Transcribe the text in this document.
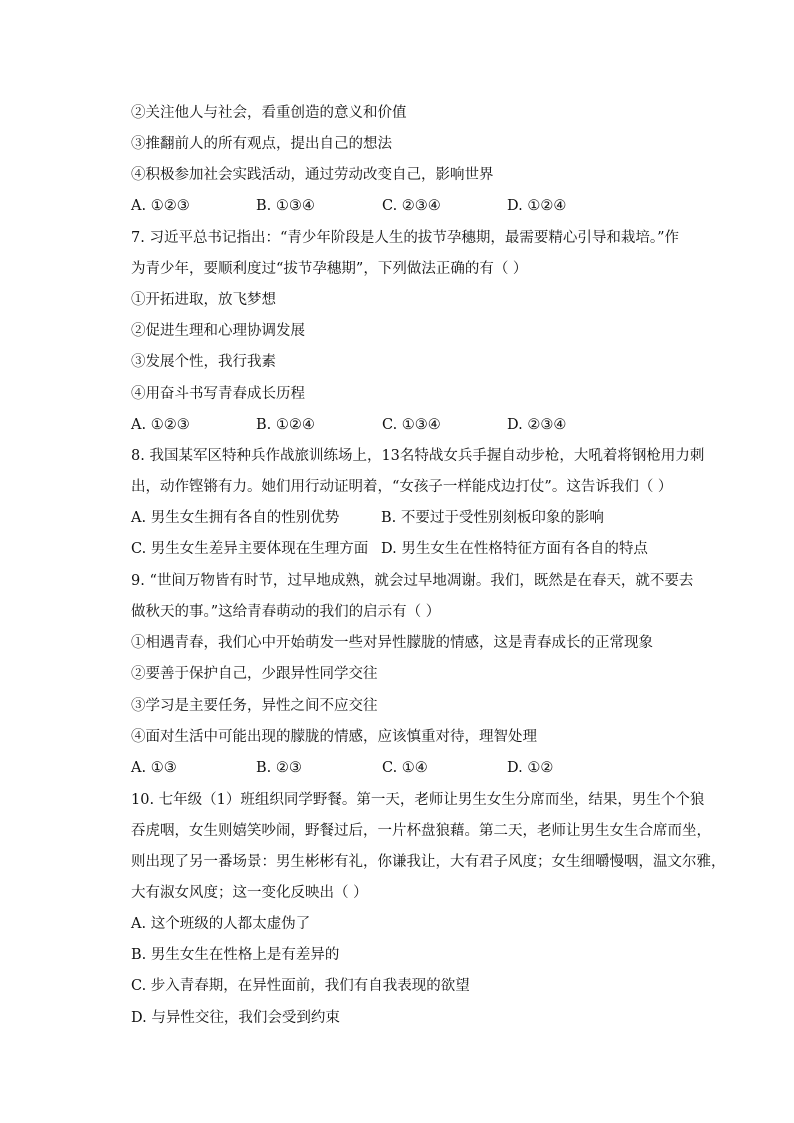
②关注他人与社会，看重创造的意义和价值
③推翻前人的所有观点，提出自己的想法
④积极参加社会实践活动，通过劳动改变自己，影响世界
A. ①②③	B. ①③④	C. ②③④	D. ①②④
7. 习近平总书记指出：“青少年阶段是人生的拔节孕穗期，最需要精心引导和栽培。”作
为青少年，要顺利度过“拔节孕穗期”，下列做法正确的有（ ）
①开拓进取，放飞梦想
②促进生理和心理协调发展
③发展个性，我行我素
④用奋斗书写青春成长历程
A. ①②③	B. ①②④	C. ①③④	D. ②③④
8. 我国某军区特种兵作战旅训练场上，13名特战女兵手握自动步枪，大吼着将钢枪用力刺
出，动作铿锵有力。她们用行动证明着，“女孩子一样能戍边打仗”。这告诉我们（ ）
A. 男生女生拥有各自的性别优势	B. 不要过于受性别刻板印象的影响
C. 男生女生差异主要体现在生理方面 D. 男生女生在性格特征方面有各自的特点
9. “世间万物皆有时节，过早地成熟，就会过早地凋谢。我们，既然是在春天，就不要去
做秋天的事。”这给青春萌动的我们的启示有（ ）
①相遇青春，我们心中开始萌发一些对异性朦胧的情感，这是青春成长的正常现象
②要善于保护自己，少跟异性同学交往
③学习是主要任务，异性之间不应交往
④面对生活中可能出现的朦胧的情感，应该慎重对待，理智处理
A. ①③	B. ②③	C. ①④	D. ①②
10. 七年级（1）班组织同学野餐。第一天，老师让男生女生分席而坐，结果，男生个个狼
吞虎咽，女生则嬉笑吵闹，野餐过后，一片杯盘狼藉。第二天，老师让男生女生合席而坐，
则出现了另一番场景：男生彬彬有礼，你谦我让，大有君子风度；女生细嚼慢咽，温文尔雅，
大有淑女风度；这一变化反映出（ ）
A. 这个班级的人都太虚伪了
B. 男生女生在性格上是有差异的
C. 步入青春期，在异性面前，我们有自我表现的欲望
D. 与异性交往，我们会受到约束
